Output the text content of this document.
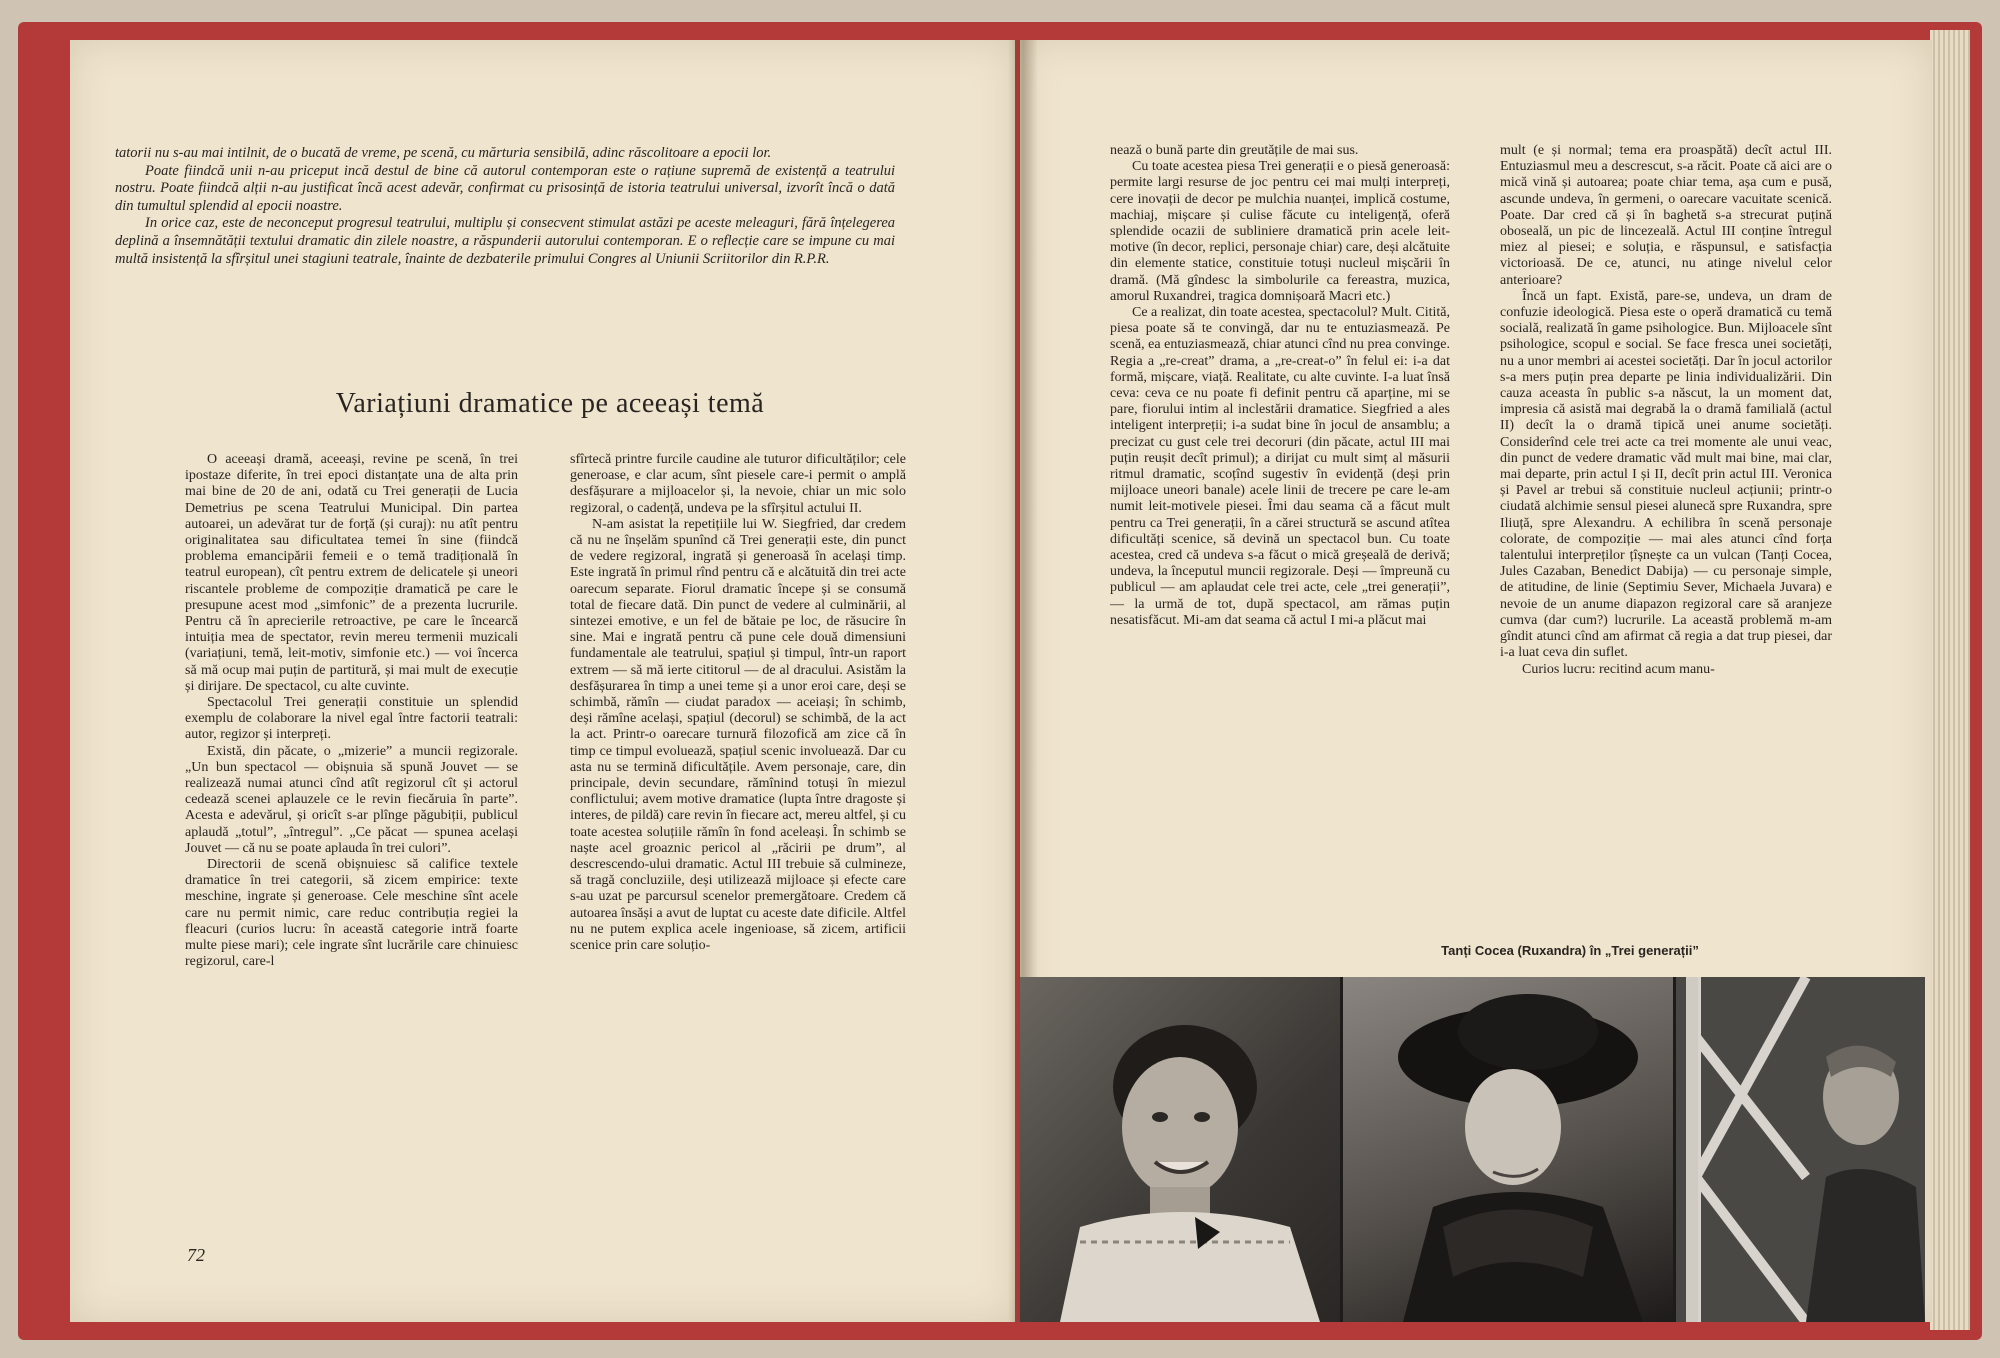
tatorii nu s-au mai intilnit, de o bucată de vreme, pe scenă, cu mărturia sensibilă, adinc răscolitoare a epocii lor.

Poate fiindcă unii n-au priceput incă destul de bine că autorul contemporan este o rațiune supremă de existență a teatrului nostru. Poate fiindcă alții n-au justificat încă acest adevăr, confirmat cu prisosință de istoria teatrului universal, izvorît încă o dată din tumultul splendid al epocii noastre.

In orice caz, este de neconceput progresul teatrului, multiplu și consecvent stimulat astăzi pe aceste meleaguri, fără înțelegerea deplină a însemnătății textului dramatic din zilele noastre, a răspunderii autorului contemporan. E o reflecție care se impune cu mai multă insistență la sfîrșitul unei stagiuni teatrale, înainte de dezbaterile primului Congres al Uniunii Scriitorilor din R.P.R.

Variațiuni dramatice pe aceeași temă

O aceeași dramă, aceeași, revine pe scenă, în trei ipostaze diferite, în trei epoci distanțate una de alta prin mai bine de 20 de ani, odată cu Trei generații de Lucia Demetrius pe scena Teatrului Municipal. Din partea autoarei, un adevărat tur de forță (și curaj): nu atît pentru originalitatea sau dificultatea temei în sine (fiindcă problema emancipării femeii e o temă tradițională în teatrul european), cît pentru extrem de delicatele și uneori riscantele probleme de compoziție dramatică pe care le presupune acest mod „simfonic” de a prezenta lucrurile. Pentru că în aprecierile retroactive, pe care le încearcă intuiția mea de spectator, revin mereu termenii muzicali (variațiuni, temă, leit-motiv, simfonie etc.) — voi încerca să mă ocup mai puțin de partitură, și mai mult de execuție și dirijare. De spectacol, cu alte cuvinte.

Spectacolul Trei generații constituie un splendid exemplu de colaborare la nivel egal între factorii teatrali: autor, regizor și interpreți.

Există, din păcate, o „mizerie” a muncii regizorale. „Un bun spectacol — obișnuia să spună Jouvet — se realizează numai atunci cînd atît regizorul cît și actorul cedează scenei aplauzele ce le revin fiecăruia în parte”. Acesta e adevărul, și oricît s-ar plînge păgubiții, publicul aplaudă „totul”, „întregul”. „Ce păcat — spunea același Jouvet — că nu se poate aplauda în trei culori”.

Directorii de scenă obișnuiesc să califice textele dramatice în trei categorii, să zicem empirice: texte meschine, ingrate și generoase. Cele meschine sînt acele care nu permit nimic, care reduc contribuția regiei la fleacuri (curios lucru: în această categorie intră foarte multe piese mari); cele ingrate sînt lucrările care chinuiesc regizorul, care-l

sfîrtecă printre furcile caudine ale tuturor dificultăților; cele generoase, e clar acum, sînt piesele care-i permit o amplă desfășurare a mijloacelor și, la nevoie, chiar un mic solo regizoral, o cadență, undeva pe la sfîrșitul actului II.

N-am asistat la repetițiile lui W. Siegfried, dar credem că nu ne înșelăm spunînd că Trei generații este, din punct de vedere regizoral, ingrată și generoasă în același timp. Este ingrată în primul rînd pentru că e alcătuită din trei acte oarecum separate. Fiorul dramatic începe și se consumă total de fiecare dată. Din punct de vedere al culminării, al sintezei emotive, e un fel de bătaie pe loc, de răsucire în sine. Mai e ingrată pentru că pune cele două dimensiuni fundamentale ale teatrului, spațiul și timpul, într-un raport extrem — să mă ierte cititorul — de al dracului. Asistăm la desfășurarea în timp a unei teme și a unor eroi care, deși se schimbă, rămîn — ciudat paradox — aceiași; în schimb, deși rămîne același, spațiul (decorul) se schimbă, de la act la act. Printr-o oarecare turnură filozofică am zice că în timp ce timpul evoluează, spațiul scenic involuează. Dar cu asta nu se termină dificultățile. Avem personaje, care, din principale, devin secundare, rămînind totuși în miezul conflictului; avem motive dramatice (lupta între dragoste și interes, de pildă) care revin în fiecare act, mereu altfel, și cu toate acestea soluțiile rămîn în fond aceleași. În schimb se naște acel groaznic pericol al „răcirii pe drum”, al descrescendo-ului dramatic. Actul III trebuie să culmineze, să tragă concluziile, deși utilizează mijloace și efecte care s-au uzat pe parcursul scenelor premergătoare. Credem că autoarea însăși a avut de luptat cu aceste date dificile. Altfel nu ne putem explica acele ingenioase, să zicem, artificii scenice prin care soluțio-

72

nează o bună parte din greutățile de mai sus.

Cu toate acestea piesa Trei generații e o piesă generoasă: permite largi resurse de joc pentru cei mai mulți interpreți, cere inovații de decor pe mulchia nuanței, implică costume, machiaj, mișcare și culise făcute cu inteligență, oferă splendide ocazii de subliniere dramatică prin acele leit-motive (în decor, replici, personaje chiar) care, deși alcătuite din elemente statice, constituie totuși nucleul mișcării în dramă. (Mă gîndesc la simbolurile ca fereastra, muzica, amorul Ruxandrei, tragica domnișoară Macri etc.)

Ce a realizat, din toate acestea, spectacolul? Mult. Citită, piesa poate să te convingă, dar nu te entuziasmează. Pe scenă, ea entuziasmează, chiar atunci cînd nu prea convinge. Regia a „re-creat” drama, a „re-creat-o” în felul ei: i-a dat formă, mișcare, viață. Realitate, cu alte cuvinte. I-a luat însă ceva: ceva ce nu poate fi definit pentru că aparține, mi se pare, fiorului intim al inclestării dramatice. Siegfried a ales inteligent interpreții; i-a sudat bine în jocul de ansamblu; a precizat cu gust cele trei decoruri (din păcate, actul III mai puțin reușit decît primul); a dirijat cu mult simț al măsurii ritmul dramatic, scoțînd sugestiv în evidență (deși prin mijloace uneori banale) acele linii de trecere pe care le-am numit leit-motivele piesei. Îmi dau seama că a făcut mult pentru ca Trei generații, în a cărei structură se ascund atîtea dificultăți scenice, să devină un spectacol bun. Cu toate acestea, cred că undeva s-a făcut o mică greșeală de derivă; undeva, la începutul muncii regizorale. Deși — împreună cu publicul — am aplaudat cele trei acte, cele „trei generații”, — la urmă de tot, după spectacol, am rămas puțin nesatisfăcut. Mi-am dat seama că actul I mi-a plăcut mai

mult (e și normal; tema era proaspătă) decît actul III. Entuziasmul meu a descrescut, s-a răcit. Poate că aici are o mică vină și autoarea; poate chiar tema, așa cum e pusă, ascunde undeva, în germeni, o oarecare vacuitate scenică. Poate. Dar cred că și în baghetă s-a strecurat puțină oboseală, un pic de lincezeală. Actul III conține întregul miez al piesei; e soluția, e răspunsul, e satisfacția victorioasă. De ce, atunci, nu atinge nivelul celor anterioare?

Încă un fapt. Există, pare-se, undeva, un dram de confuzie ideologică. Piesa este o operă dramatică cu temă socială, realizată în game psihologice. Bun. Mijloacele sînt psihologice, scopul e social. Se face fresca unei societăți, nu a unor membri ai acestei societăți. Dar în jocul actorilor s-a mers puțin prea departe pe linia individualizării. Din cauza aceasta în public s-a născut, la un moment dat, impresia că asistă mai degrabă la o dramă familială (actul II) decît la o dramă tipică unei anume societăți. Considerînd cele trei acte ca trei momente ale unui veac, din punct de vedere dramatic văd mult mai bine, mai clar, mai departe, prin actul I și II, decît prin actul III. Veronica și Pavel ar trebui să constituie nucleul acțiunii; printr-o ciudată alchimie sensul piesei alunecă spre Ruxandra, spre Iliuță, spre Alexandru. A echilibra în scenă personaje colorate, de compoziție — mai ales atunci cînd forța talentului interpreților țîșnește ca un vulcan (Tanți Cocea, Jules Cazaban, Benedict Dabija) — cu personaje simple, de atitudine, de linie (Septimiu Sever, Michaela Juvara) e nevoie de un anume diapazon regizoral care să aranjeze cumva (dar cum?) lucrurile. La această problemă m-am gîndit atunci cînd am afirmat că regia a dat trup piesei, dar i-a luat ceva din suflet.

Curios lucru: recitind acum manu-

Tanți Cocea (Ruxandra) în „Trei generații”
